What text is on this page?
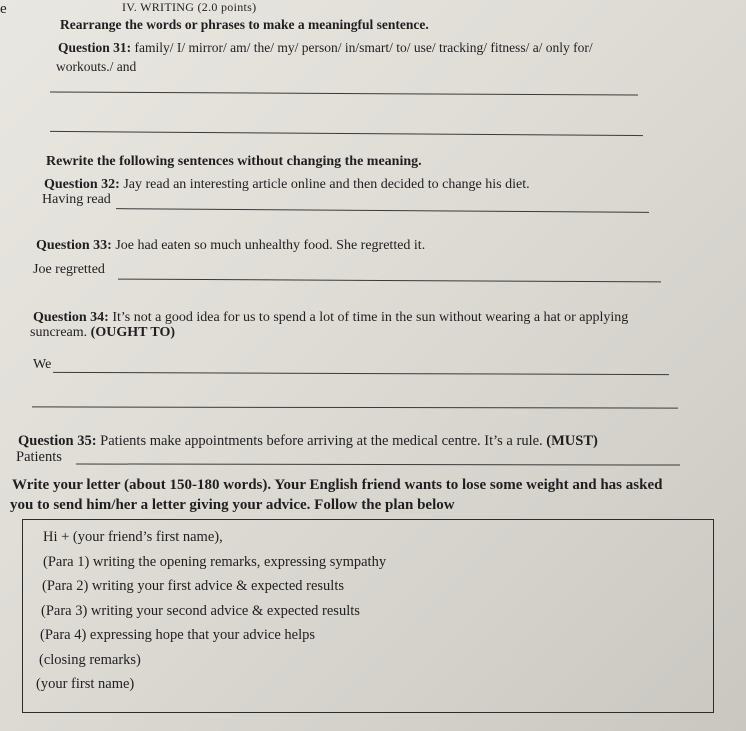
e	IV. WRITING (2.0 points)
Rearrange the words or phrases to make a meaningful sentence.
Question 31: family/ I/ mirror/ am/ the/ my/ person/ in/smart/ to/ use/ tracking/ fitness/ a/ only for/
workouts./ and
Rewrite the following sentences without changing the meaning.
Question 32: Jay read an interesting article online and then decided to change his diet.
Having read
Question 33: Joe had eaten so much unhealthy food. She regretted it.
Joe regretted
Question 34: It’s not a good idea for us to spend a lot of time in the sun without wearing a hat or applying
suncream. (OUGHT TO)
We
Question 35: Patients make appointments before arriving at the medical centre. It’s a rule. (MUST)
Patients
Write your letter (about 150-180 words). Your English friend wants to lose some weight and has asked
you to send him/her a letter giving your advice. Follow the plan below
Hi + (your friend’s first name),
(Para 1) writing the opening remarks, expressing sympathy
(Para 2) writing your first advice & expected results
(Para 3) writing your second advice & expected results
(Para 4) expressing hope that your advice helps
(closing remarks)
(your first name)
